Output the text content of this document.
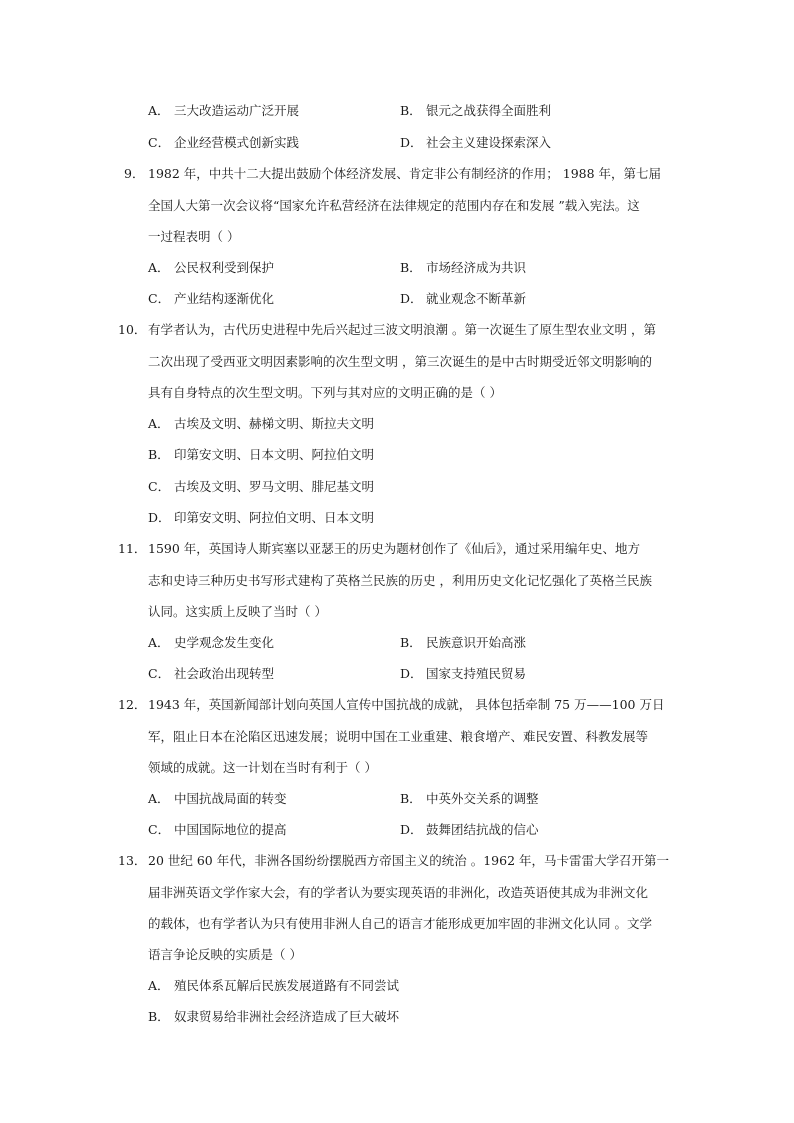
A． 三大改造运动广泛开展	B． 银元之战获得全面胜利
C． 企业经营模式创新实践	D． 社会主义建设探索深入
9． 1982 年，中共十二大提出鼓励个体经济发展、肯定非公有制经济的作用； 1988 年，第七届
全国人大第一次会议将“国家允许私营经济在法律规定的范围内存在和发展 ”载入宪法。这
一过程表明（ ）
A． 公民权利受到保护	B． 市场经济成为共识
C． 产业结构逐渐优化	D． 就业观念不断革新
10． 有学者认为，古代历史进程中先后兴起过三波文明浪潮 。第一次诞生了原生型农业文明 ，第
二次出现了受西亚文明因素影响的次生型文明 ，第三次诞生的是中古时期受近邻文明影响的
具有自身特点的次生型文明。下列与其对应的文明正确的是（ ）
A． 古埃及文明、赫梯文明、斯拉夫文明
B． 印第安文明、日本文明、阿拉伯文明
C． 古埃及文明、罗马文明、腓尼基文明
D． 印第安文明、阿拉伯文明、日本文明
11． 1590 年，英国诗人斯宾塞以亚瑟王的历史为题材创作了《仙后》，通过采用编年史、地方
志和史诗三种历史书写形式建构了英格兰民族的历史 ，利用历史文化记忆强化了英格兰民族
认同。这实质上反映了当时（ ）
A． 史学观念发生变化	B． 民族意识开始高涨
C． 社会政治出现转型	D． 国家支持殖民贸易
12． 1943 年，英国新闻部计划向英国人宣传中国抗战的成就， 具体包括牵制 75 万——100 万日
军，阻止日本在沦陷区迅速发展；说明中国在工业重建、粮食增产、难民安置、科教发展等
领域的成就。这一计划在当时有利于（ ）
A． 中国抗战局面的转变	B． 中英外交关系的调整
C． 中国国际地位的提高	D． 鼓舞团结抗战的信心
13． 20 世纪 60 年代，非洲各国纷纷摆脱西方帝国主义的统治 。1962 年，马卡雷雷大学召开第一
届非洲英语文学作家大会，有的学者认为要实现英语的非洲化，改造英语使其成为非洲文化
的载体，也有学者认为只有使用非洲人自己的语言才能形成更加牢固的非洲文化认同 。文学
语言争论反映的实质是（ ）
A． 殖民体系瓦解后民族发展道路有不同尝试
B． 奴隶贸易给非洲社会经济造成了巨大破坏
